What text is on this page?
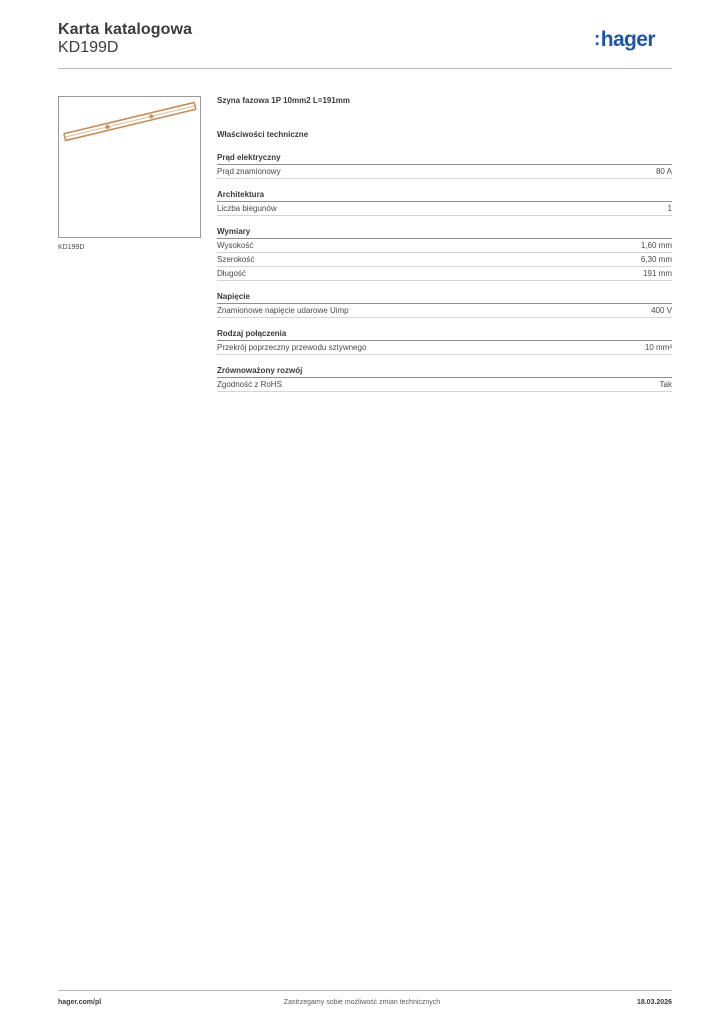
Karta katalogowa
KD199D	:hager
KD199D
Szyna fazowa 1P 10mm2 L=191mm
Właściwości techniczne
Prąd elektryczny
Prąd znamionowy	80 A
Architektura
Liczba biegunów	1
Wymiary
Wysokość	1,60 mm
Szerokość	6,30 mm
Długość	191 mm
Napięcie
Znamionowe napięcie udarowe Uimp	400 V
Rodzaj połączenia
Przekrój poprzeczny przewodu sztywnego	10 mm²
Zrównoważony rozwój
Zgodność z RoHS	Tak
hager.com/pl	Zastrzegamy sobie możliwość zmian technicznych	18.03.2026
